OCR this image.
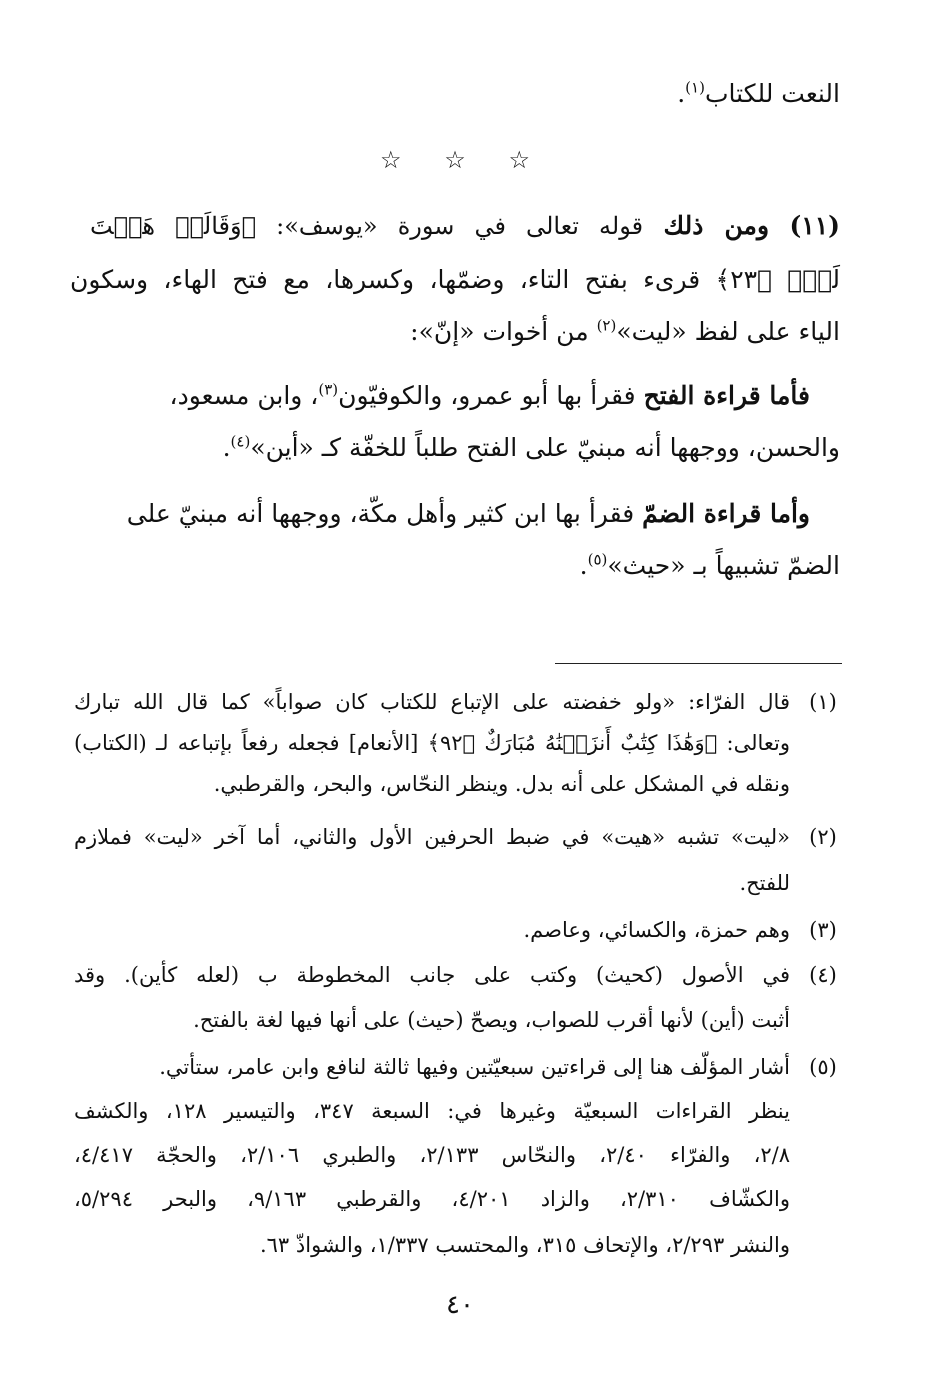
النعت للكتاب$^{(١)}$.
☆
☆
☆
(١١) ومن ذلك قوله تعالى في سورة «يوسف»: ﴿وَقَالَتۡ هَيۡتَ
لَكَۚ ﴿٢٣﴾ قرىء بفتح التاء، وضمّها، وكسرها، مع فتح الهاء، وسكون
الياء على لفظ «ليت»$^{(٢)}$ من أخوات «إنّ»:
فأما قراءة الفتح فقرأ بها أبو عمرو، والكوفيّون$^{(٣)}$، وابن مسعود،
والحسن، ووجهها أنه مبنيّ على الفتح طلباً للخفّة كـ «أين»$^{(٤)}$.
وأما قراءة الضمّ فقرأ بها ابن كثير وأهل مكّة، ووجهها أنه مبنيّ على
الضمّ تشبيهاً بـ «حيث»$^{(٥)}$.
(١)
قال الفرّاء: «ولو خفضته على الإتباع للكتاب كان صواباً» كما قال الله تبارك
وتعالى: ﴿وَهَٰذَا كِتَٰبٌ أَنزَلۡنَٰهُ مُبَارَكٌ ﴿٩٢﴾ [الأنعام] فجعله رفعاً بإتباعه لـ (الكتاب)
ونقله في المشكل على أنه بدل. وينظر النحّاس، والبحر، والقرطبي.
(٢)
«ليت» تشبه «هيت» في ضبط الحرفين الأول والثاني، أما آخر «ليت» فملازم
للفتح.
(٣)
وهم حمزة، والكسائي، وعاصم.
(٤)
في الأصول (كحيث) وكتب على جانب المخطوطة ب (لعله كأين). وقد
أثبت (أين) لأنها أقرب للصواب، ويصحّ (حيث) على أنها فيها لغة بالفتح.
(٥)
أشار المؤلّف هنا إلى قراءتين سبعيّتين وفيها ثالثة لنافع وابن عامر، ستأتي.
ينظر القراءات السبعيّة وغيرها في: السبعة ٣٤٧، والتيسير ١٢٨، والكشف
٢/٨، والفرّاء ٢/٤٠، والنحّاس ٢/١٣٣، والطبري ٢/١٠٦، والحجّة ٤/٤١٧،
والكشّاف ٢/٣١٠، والزاد ٤/٢٠١، والقرطبي ٩/١٦٣، والبحر ٥/٢٩٤،
والنشر ٢/٢٩٣، والإتحاف ٣١٥، والمحتسب ١/٣٣٧، والشواذّ ٦٣.
٤٠
